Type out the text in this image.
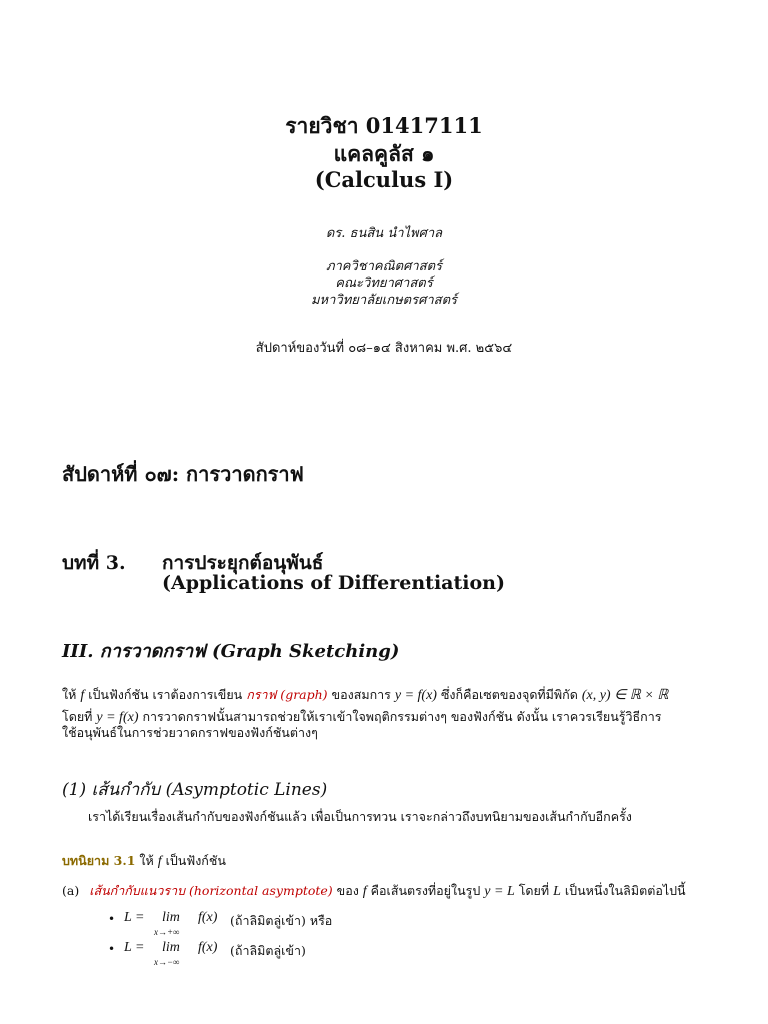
รายวิชา 01417111
แคลคูลัส ๑
(Calculus I)
ดร. ธนสิน นำไพศาล
ภาควิชาคณิตศาสตร์
คณะวิทยาศาสตร์
มหาวิทยาลัยเกษตรศาสตร์
สัปดาห์ของวันที่ ๐๘–๑๔ สิงหาคม พ.ศ. ๒๕๖๔
สัปดาห์ที่ ๐๗: การวาดกราฟ
บทที่ 3. การประยุกต์อนุพันธ์
(Applications of Differentiation)
III. การวาดกราฟ (Graph Sketching)
ให้ f เป็นฟังก์ชัน เราต้องการเขียน กราฟ (graph) ของสมการ y = f(x) ซึ่งก็คือเซตของจุดที่มีพิกัด (x, y) ∈ ℝ × ℝ
โดยที่ y = f(x) การวาดกราฟนั้นสามารถช่วยให้เราเข้าใจพฤติกรรมต่างๆ ของฟังก์ชัน ดังนั้น เราควรเรียนรู้วิธีการ
ใช้อนุพันธ์ในการช่วยวาดกราฟของฟังก์ชันต่างๆ
(1) เส้นกำกับ (Asymptotic Lines)
เราได้เรียนเรื่องเส้นกำกับของฟังก์ชันแล้ว เพื่อเป็นการทวน เราจะกล่าวถึงบทนิยามของเส้นกำกับอีกครั้ง
บทนิยาม 3.1 ให้ f เป็นฟังก์ชัน
(a) เส้นกำกับแนวราบ (horizontal asymptote) ของ f คือเส้นตรงที่อยู่ในรูป y = L โดยที่ L เป็นหนึ่งในลิมิตต่อไปนี้
• L = lim
x→+∞
f(x) (ถ้าลิมิตลู่เข้า) หรือ
• L = lim
x→−∞
f(x) (ถ้าลิมิตลู่เข้า)
